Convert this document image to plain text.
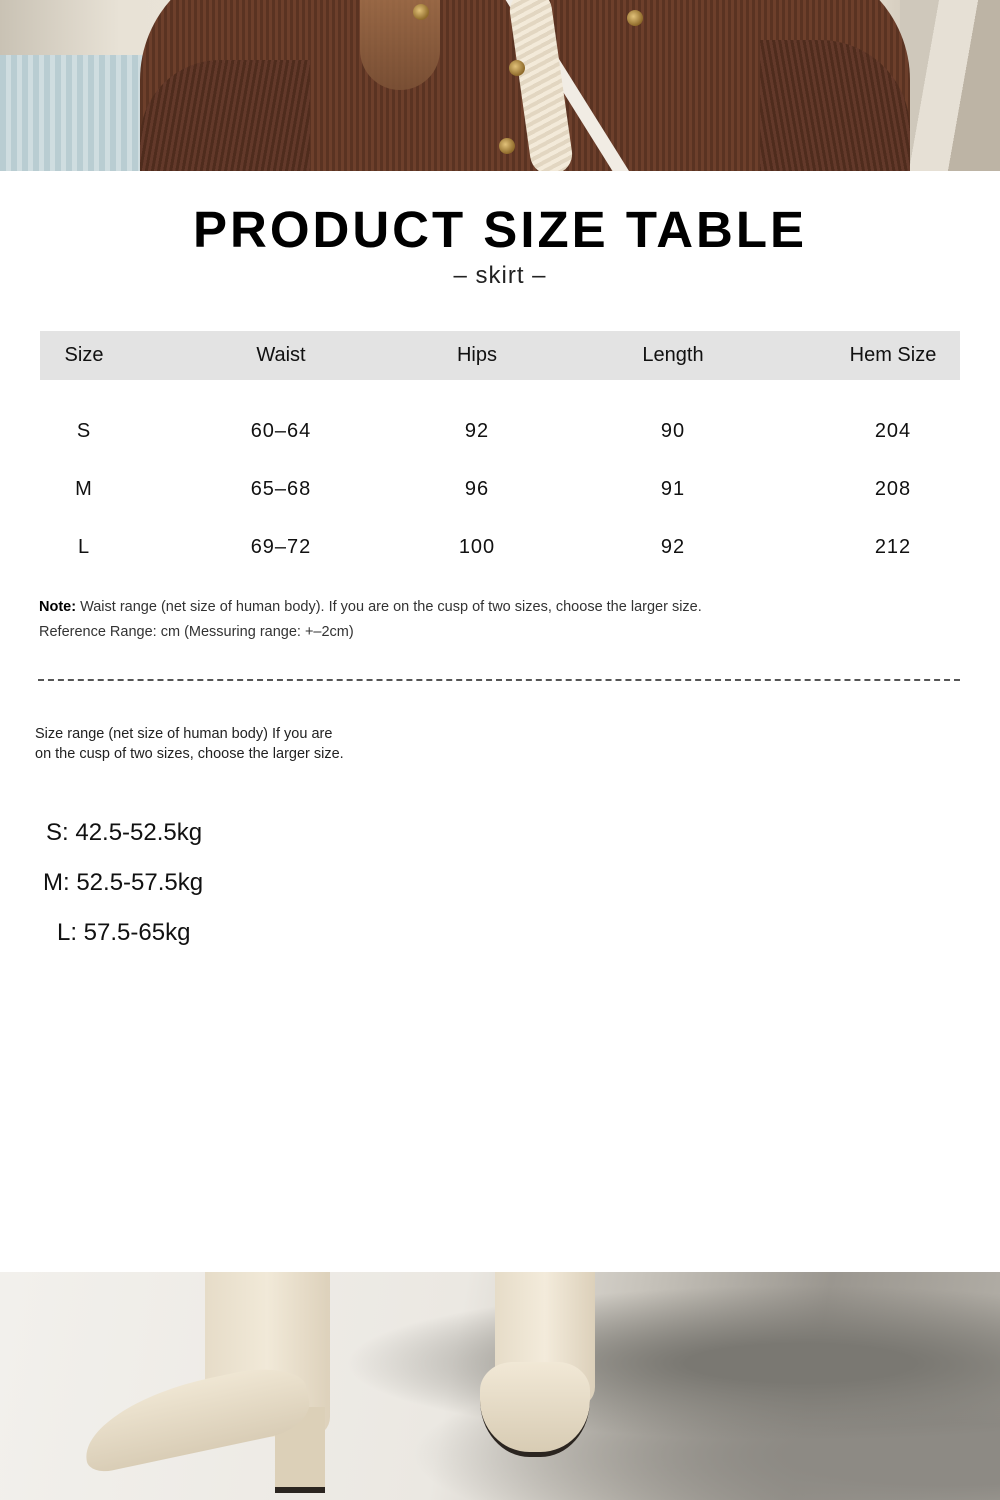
PRODUCT SIZE TABLE
– skirt –
Size	Waist	Hips	Length	Hem Size

S	60–64	92	90	204
M	65–68	96	91	208
L	69–72	100	92	212
Note: Waist range (net size of human body). If you are on the cusp of two sizes, choose the larger size.
Reference Range: cm (Messuring range: +–2cm)
Size range (net size of human body) If you are
on the cusp of two sizes, choose the larger size.
S: 42.5-52.5kg
M: 52.5-57.5kg
L: 57.5-65kg
